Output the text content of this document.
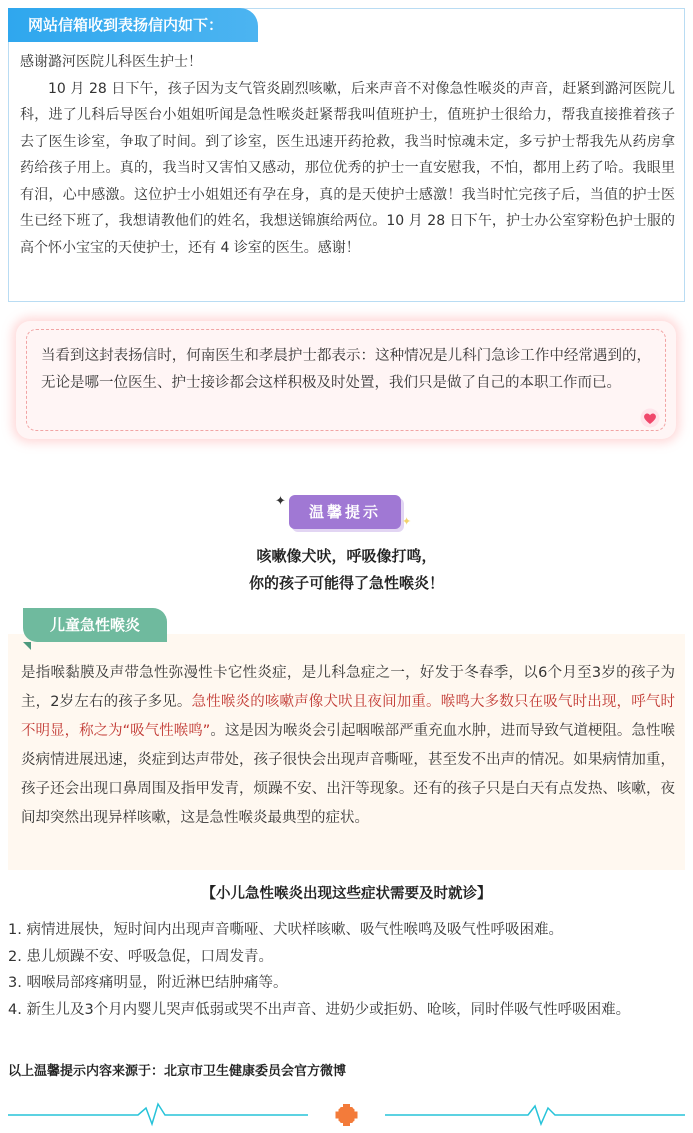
网站信箱收到表扬信内如下：

感谢潞河医院儿科医生护士！

10 月 28 日下午，孩子因为支气管炎剧烈咳嗽，后来声音不对像急性喉炎的声音，赶紧到潞河医院儿科，进了儿科后导医台小姐姐听闻是急性喉炎赶紧帮我叫值班护士，值班护士很给力，帮我直接推着孩子去了医生诊室，争取了时间。到了诊室，医生迅速开药抢救，我当时惊魂未定，多亏护士帮我先从药房拿药给孩子用上。真的，我当时又害怕又感动，那位优秀的护士一直安慰我，不怕，都用上药了哈。我眼里有泪，心中感激。这位护士小姐姐还有孕在身，真的是天使护士感激！我当时忙完孩子后，当值的护士医生已经下班了，我想请教他们的姓名，我想送锦旗给两位。10 月 28 日下午，护士办公室穿粉色护士服的高个怀小宝宝的天使护士，还有 4 诊室的医生。感谢！

当看到这封表扬信时，何南医生和孝晨护士都表示：这种情况是儿科门急诊工作中经常遇到的，无论是哪一位医生、护士接诊都会这样积极及时处置，我们只是做了自己的本职工作而已。

✦
温馨提示
✦
咳嗽像犬吠，呼吸像打鸣，
你的孩子可能得了急性喉炎！
儿童急性喉炎

是指喉黏膜及声带急性弥漫性卡它性炎症，是儿科急症之一，好发于冬春季，以6个月至3岁的孩子为主，2岁左右的孩子多见。急性喉炎的咳嗽声像犬吠且夜间加重。喉鸣大多数只在吸气时出现，呼气时不明显，称之为“吸气性喉鸣”。这是因为喉炎会引起咽喉部严重充血水肿，进而导致气道梗阻。急性喉炎病情进展迅速，炎症到达声带处，孩子很快会出现声音嘶哑，甚至发不出声的情况。如果病情加重，孩子还会出现口鼻周围及指甲发青，烦躁不安、出汗等现象。还有的孩子只是白天有点发热、咳嗽，夜间却突然出现异样咳嗽，这是急性喉炎最典型的症状。

【小儿急性喉炎出现这些症状需要及时就诊】
1. 病情进展快，短时间内出现声音嘶哑、犬吠样咳嗽、吸气性喉鸣及吸气性呼吸困难。
2. 患儿烦躁不安、呼吸急促，口周发青。
3. 咽喉局部疼痛明显，附近淋巴结肿痛等。
4. 新生儿及3个月内婴儿哭声低弱或哭不出声音、进奶少或拒奶、呛咳，同时伴吸气性呼吸困难。
以上温馨提示内容来源于：北京市卫生健康委员会官方微博
